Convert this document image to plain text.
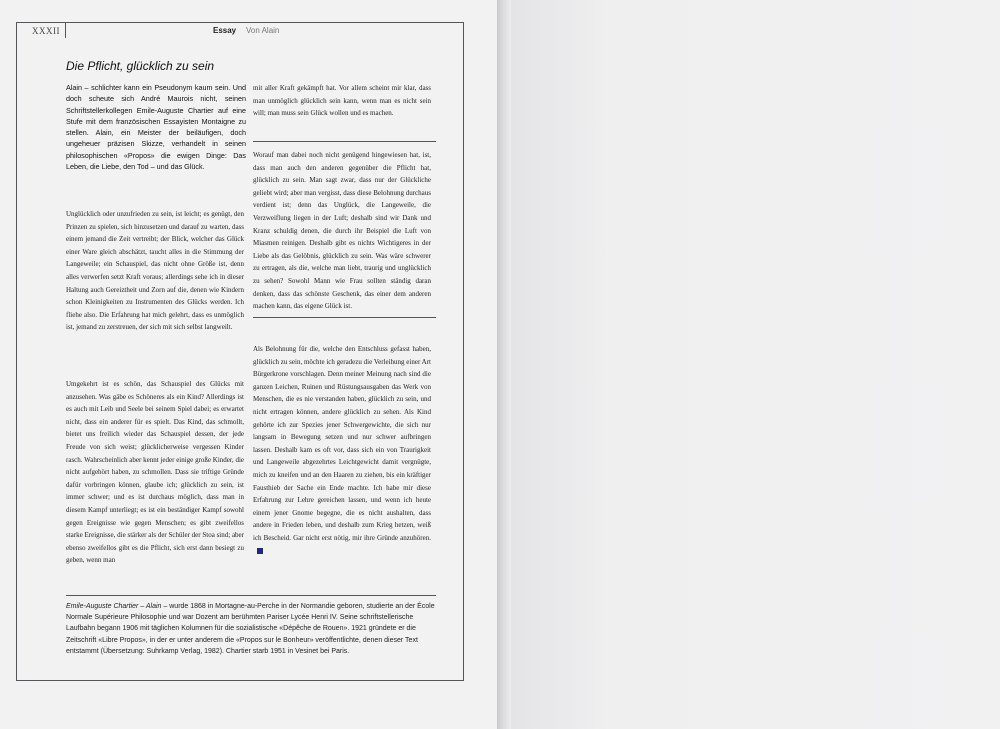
XXXII	Essay Von Alain
Die Pflicht, glücklich zu sein

Alain – schlichter kann ein Pseudonym kaum sein. Und doch scheute sich André Maurois nicht, seinen Schriftstellerkollegen Emile-Auguste Chartier auf eine Stufe mit dem französischen Essayisten Montaigne zu stellen. Alain, ein Meister der beiläufigen, doch ungeheuer präzisen Skizze, verhandelt in seinen philosophischen «Propos» die ewigen Dinge: Das Leben, die Liebe, den Tod – und das Glück.

Unglücklich oder unzufrieden zu sein, ist leicht; es genügt, den Prinzen zu spielen, sich hinzusetzen und darauf zu warten, dass einem jemand die Zeit vertreibt; der Blick, welcher das Glück einer Ware gleich abschätzt, taucht alles in die Stimmung der Langeweile; ein Schauspiel, das nicht ohne Größe ist, denn alles verwerfen setzt Kraft voraus; allerdings sehe ich in dieser Haltung auch Gereiztheit und Zorn auf die, denen wie Kindern schon Kleinigkeiten zu Instrumenten des Glücks werden. Ich fliehe also. Die Erfahrung hat mich gelehrt, dass es unmöglich ist, jemand zu zerstreuen, der sich mit sich selbst langweilt.

Umgekehrt ist es schön, das Schauspiel des Glücks mit anzusehen. Was gäbe es Schöneres als ein Kind? Allerdings ist es auch mit Leib und Seele bei seinem Spiel dabei; es erwartet nicht, dass ein anderer für es spielt. Das Kind, das schmollt, bietet uns freilich wieder das Schauspiel dessen, der jede Freude von sich weist; glücklicherweise vergessen Kinder rasch. Wahrscheinlich aber kennt jeder einige große Kinder, die nicht aufgehört haben, zu schmollen. Dass sie triftige Gründe dafür vorbringen können, glaube ich; glücklich zu sein, ist immer schwer; und es ist durchaus möglich, dass man in diesem Kampf unterliegt; es ist ein beständiger Kampf sowohl gegen Ereignisse wie gegen Menschen; es gibt zweifellos starke Ereignisse, die stärker als der Schüler der Stoa sind; aber ebenso zweifellos gibt es die Pflicht, sich erst dann besiegt zu geben, wenn man

mit aller Kraft gekämpft hat. Vor allem scheint mir klar, dass man unmöglich glücklich sein kann, wenn man es nicht sein will; man muss sein Glück wollen und es machen.

Worauf man dabei noch nicht genügend hingewiesen hat, ist, dass man auch den anderen gegenüber die Pflicht hat, glücklich zu sein. Man sagt zwar, dass nur der Glückliche geliebt wird; aber man vergisst, dass diese Belohnung durchaus verdient ist; denn das Unglück, die Langeweile, die Verzweiflung liegen in der Luft; deshalb sind wir Dank und Kranz schuldig denen, die durch ihr Beispiel die Luft von Miasmen reinigen. Deshalb gibt es nichts Wichtigeres in der Liebe als das Gelöbnis, glücklich zu sein. Was wäre schwerer zu ertragen, als die, welche man liebt, traurig und unglücklich zu sehen? Sowohl Mann wie Frau sollten ständig daran denken, dass das schönste Geschenk, das einer dem anderen machen kann, das eigene Glück ist.

Als Belohnung für die, welche den Entschluss gefasst haben, glücklich zu sein, möchte ich geradezu die Verleihung einer Art Bürgerkrone vorschlagen. Denn meiner Meinung nach sind die ganzen Leichen, Ruinen und Rüstungsausgaben das Werk von Menschen, die es nie verstanden haben, glücklich zu sein, und nicht ertragen können, andere glücklich zu sehen. Als Kind gehörte ich zur Spezies jener Schwergewichte, die sich nur langsam in Bewegung setzen und nur schwer aufbringen lassen. Deshalb kam es oft vor, dass sich ein von Traurigkeit und Langeweile abgezehrtes Leichtgewicht damit vergnügte, mich zu kneifen und an den Haaren zu ziehen, bis ein kräftiger Fausthieb der Sache ein Ende machte. Ich habe mir diese Erfahrung zur Lehre gereichen lassen, und wenn ich heute einem jener Gnome begegne, die es nicht aushalten, dass andere in Frieden leben, und deshalb zum Krieg hetzen, weiß ich Bescheid. Gar nicht erst nötig, mir ihre Gründe anzuhören.

Emile-Auguste Chartier – Alain – wurde 1868 in Mortagne-au-Perche in der Normandie geboren, studierte an der École Normale Supérieure Philosophie und war Dozent am berühmten Pariser Lycée Henri IV. Seine schriftstellerische Laufbahn begann 1906 mit täglichen Kolumnen für die sozialistische «Dépêche de Rouen». 1921 gründete er die Zeitschrift «Libre Propos», in der er unter anderem die «Propos sur le Bonheur» veröffentlichte, denen dieser Text entstammt (Übersetzung: Suhrkamp Verlag, 1982). Chartier starb 1951 in Vesinet bei Paris.
